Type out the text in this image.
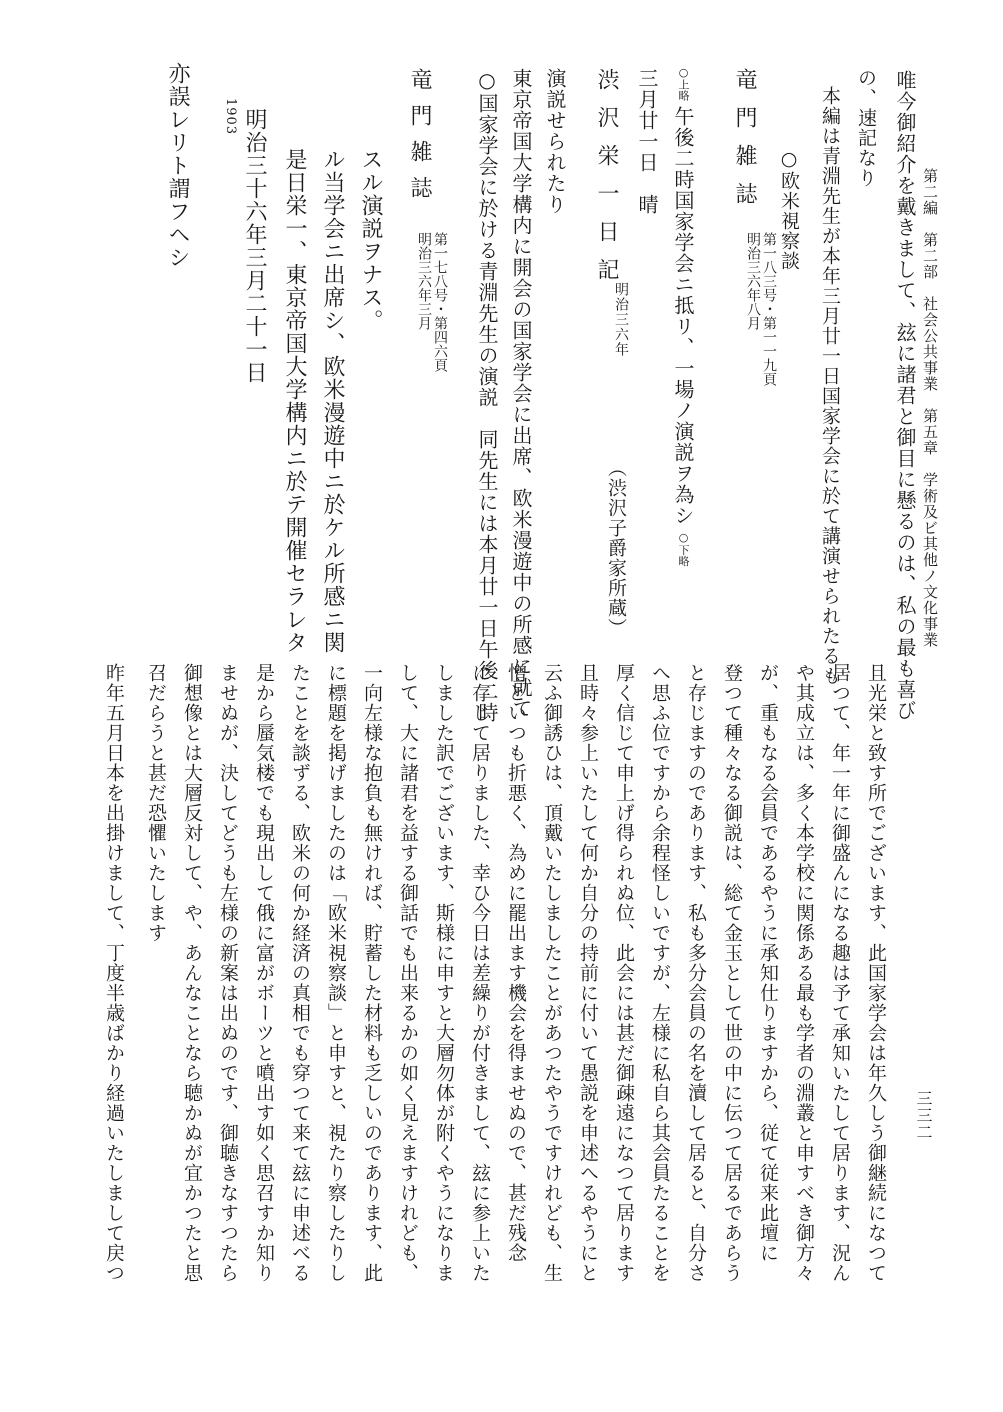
第二編　第二部　社会公共事業　第五章　学術及ビ其他ノ文化事業
三三二
亦誤レリト謂フヘシ	1903 明治三十六年三月二十一日 是日栄一、東京帝国大学構内ニ於テ開催セラレタ ル当学会ニ出席シ、欧米漫遊中ニ於ケル所感ニ関 スル演説ヲナス。
竜門雑誌
第一七八号・第四六頁
明治三六年三月 ○国家学会に於ける青淵先生の演説　同先生には本月廿一日午後二時 東京帝国大学構内に開会の国家学会に出席、欧米漫遊中の所感に就て 演説せられたり 渋沢栄一日記
明治三六年
（渋沢子爵家所蔵）
三月廿一日　晴	○上略 午後二時国家学会ニ抵リ、一場ノ演説ヲ為シ ○下略
竜門雑誌
第一八三号・第一一九頁
明治三六年八月
○欧米視察談 本編は青淵先生が本年三月廿一日国家学会に於て講演せられたるも の、速記なり 唯今御紹介を戴きまして、玆に諸君と御目に懸るのは、私の最も喜び
且光栄と致す所でございます、此国家学会は年久しう御継続になつて
居つて、年一年に御盛んになる趣は予て承知いたして居ります、況ん
や其成立は、多く本学校に関係ある最も学者の淵叢と申すべき御方々
が、重もなる会員であるやうに承知仕りますから、従て従来此壇に
登つて種々なる御説は、総て金玉として世の中に伝つて居るであらう
と存じますのであります、私も多分会員の名を瀆して居ると、自分さ
へ思ふ位ですから余程怪しいですが、左様に私自ら其会員たることを
厚く信じて申上げ得られぬ位、此会には甚だ御疎遠になつて居ります
且時々参上いたして何か自分の持前に付いて愚説を申述へるやうにと
云ふ御誘ひは、頂戴いたしましたことがあつたやうですけれども、生
憎といつも折悪く、為めに罷出ます機会を得ませぬので、甚だ残念
に存じて居りました、幸ひ今日は差繰りが付きまして、玆に参上いた
しました訳でございます、斯様に申すと大層勿体が附くやうになりま
して、大に諸君を益する御話でも出来るかの如く見えますけれども、
一向左様な抱負も無ければ、貯蓄した材料も乏しいのであります、此
に標題を掲げましたのは「欧米視察談」と申すと、視たり察したりし
たことを談ずる、欧米の何か経済の真相でも穿つて来て玆に申述べる
是から蜃気楼でも現出して俄に富がボーツと噴出す如く思召すか知り
ませぬが、決してどうも左様の新案は出ぬのです、御聴きなすつたら
御想像とは大層反対して、や、あんなことなら聴かぬが宜かつたと思
召だらうと甚だ恐懼いたします
昨年五月日本を出掛けまして、丁度半歳ばかり経過いたしまして戻つ
